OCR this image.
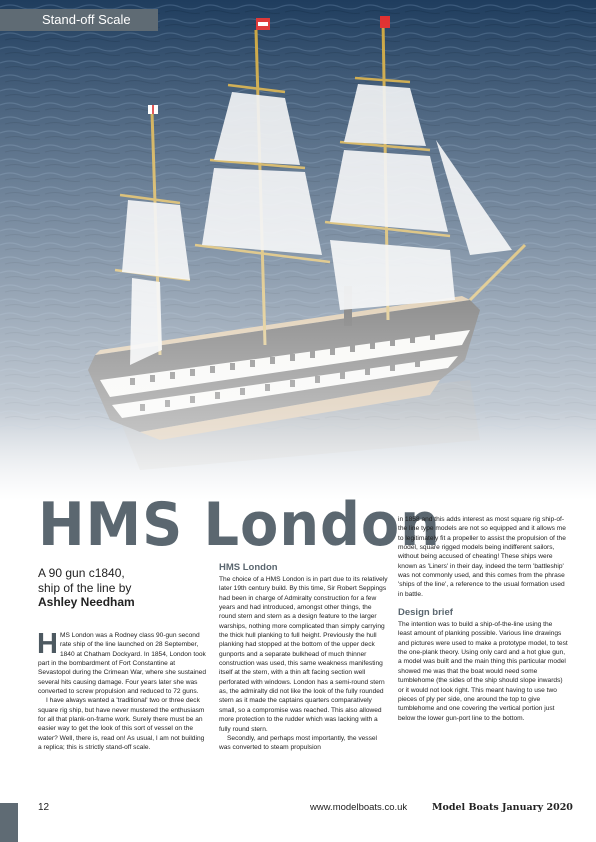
Stand-off Scale
HMS London
A 90 gun c1840,
ship of the line by
Ashley Needham

HMS London was a Rodney class 90-gun second rate ship of the line launched on 28 September, 1840 at Chatham Dockyard. In 1854, London took part in the bombardment of Fort Constantine at Sevastopol during the Crimean War, where she sustained several hits causing damage. Four years later she was converted to screw propulsion and reduced to 72 guns.

I have always wanted a 'traditional' two or three deck square rig ship, but have never mustered the enthusiasm for all that plank-on-frame work. Surely there must be an easier way to get the look of this sort of vessel on the water? Well, there is, read on! As usual, I am not building a replica; this is strictly stand-off scale.

HMS London

The choice of a HMS London is in part due to its relatively later 19th century build. By this time, Sir Robert Seppings had been in charge of Admiralty construction for a few years and had introduced, amongst other things, the round stern and stern as a design feature to the larger warships, nothing more complicated than simply carrying the thick hull planking to full height. Previously the hull planking had stopped at the bottom of the upper deck gunports and a separate bulkhead of much thinner construction was used, this same weakness manifesting itself at the stern, with a thin aft facing section well perforated with windows. London has a semi-round stern as, the admiralty did not like the look of the fully rounded stern as it made the captains quarters comparatively small, so a compromise was reached. This also allowed more protection to the rudder which was lacking with a fully round stern.

Secondly, and perhaps most importantly, the vessel was converted to steam propulsion

in 1858 and this adds interest as most square rig ship-of-the line type models are not so equipped and it allows me to legitimately fit a propeller to assist the propulsion of the model, square rigged models being indifferent sailors, without being accused of cheating! These ships were known as 'Liners' in their day, indeed the term 'battleship' was not commonly used, and this comes from the phrase 'ships of the line', a reference to the usual formation used in battle.

Design brief

The intention was to build a ship-of-the-line using the least amount of planking possible. Various line drawings and pictures were used to make a prototype model, to test the one-plank theory. Using only card and a hot glue gun, a model was built and the main thing this particular model showed me was that the boat would need some tumblehome (the sides of the ship should slope inwards) or it would not look right. This meant having to use two pieces of ply per side, one around the top to give tumblehome and one covering the vertical portion just below the lower gun-port line to the bottom.

12	www.modelboats.co.uk	Model Boats January 2020
